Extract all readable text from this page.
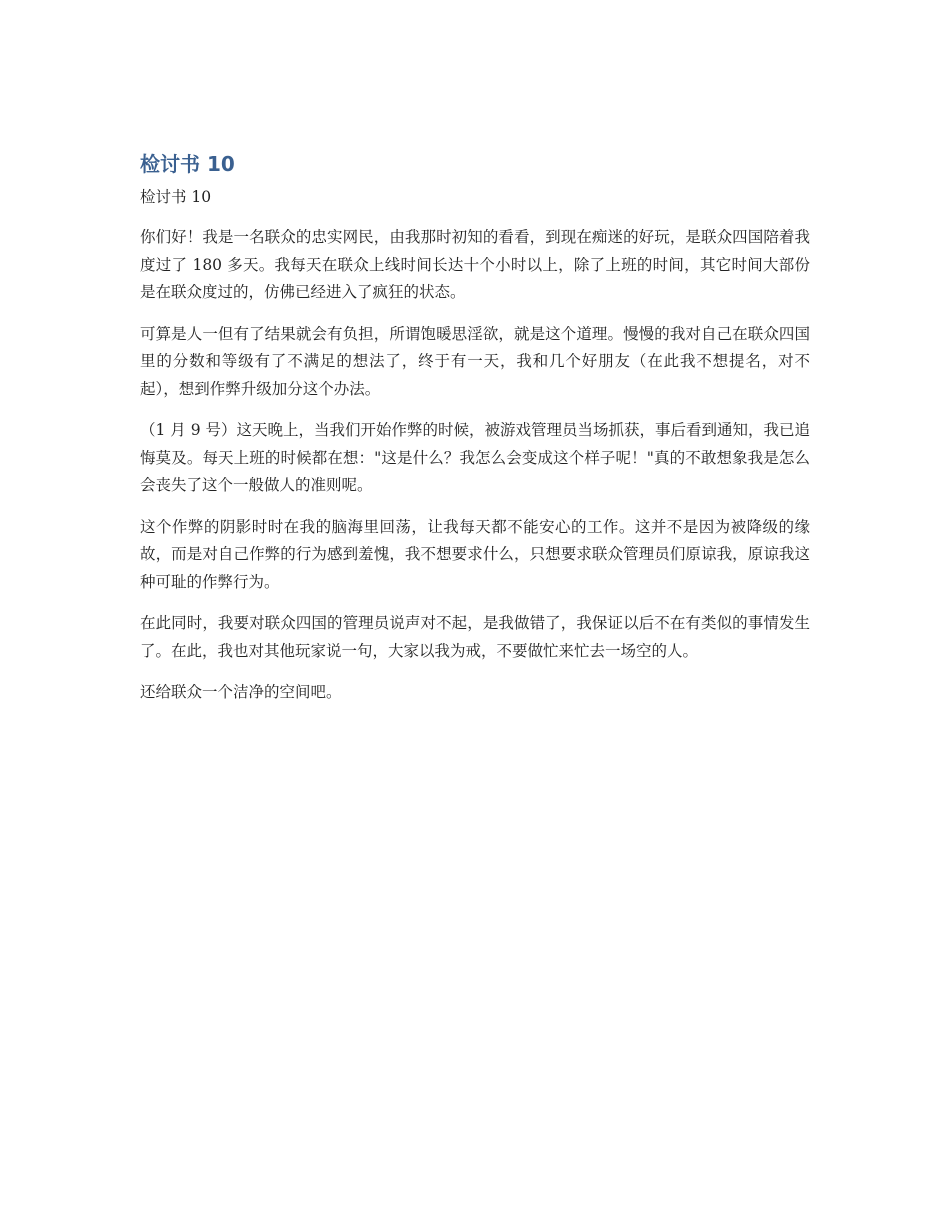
检讨书 10
检讨书 10

你们好！我是一名联众的忠实网民，由我那时初知的看看，到现在痴迷的好玩，是联众四国陪着我度过了 180 多天。我每天在联众上线时间长达十个小时以上，除了上班的时间，其它时间大部份是在联众度过的，仿佛已经进入了疯狂的状态。

可算是人一但有了结果就会有负担，所谓饱暖思淫欲，就是这个道理。慢慢的我对自己在联众四国里的分数和等级有了不满足的想法了，终于有一天，我和几个好朋友（在此我不想提名，对不起），想到作弊升级加分这个办法。

（1 月 9 号）这天晚上，当我们开始作弊的时候，被游戏管理员当场抓获，事后看到通知，我已追悔莫及。每天上班的时候都在想："这是什么？我怎么会变成这个样子呢！"真的不敢想象我是怎么会丧失了这个一般做人的准则呢。

这个作弊的阴影时时在我的脑海里回荡，让我每天都不能安心的工作。这并不是因为被降级的缘故，而是对自己作弊的行为感到羞愧，我不想要求什么，只想要求联众管理员们原谅我，原谅我这种可耻的作弊行为。

在此同时，我要对联众四国的管理员说声对不起，是我做错了，我保证以后不在有类似的事情发生了。在此，我也对其他玩家说一句，大家以我为戒，不要做忙来忙去一场空的人。

还给联众一个洁净的空间吧。
